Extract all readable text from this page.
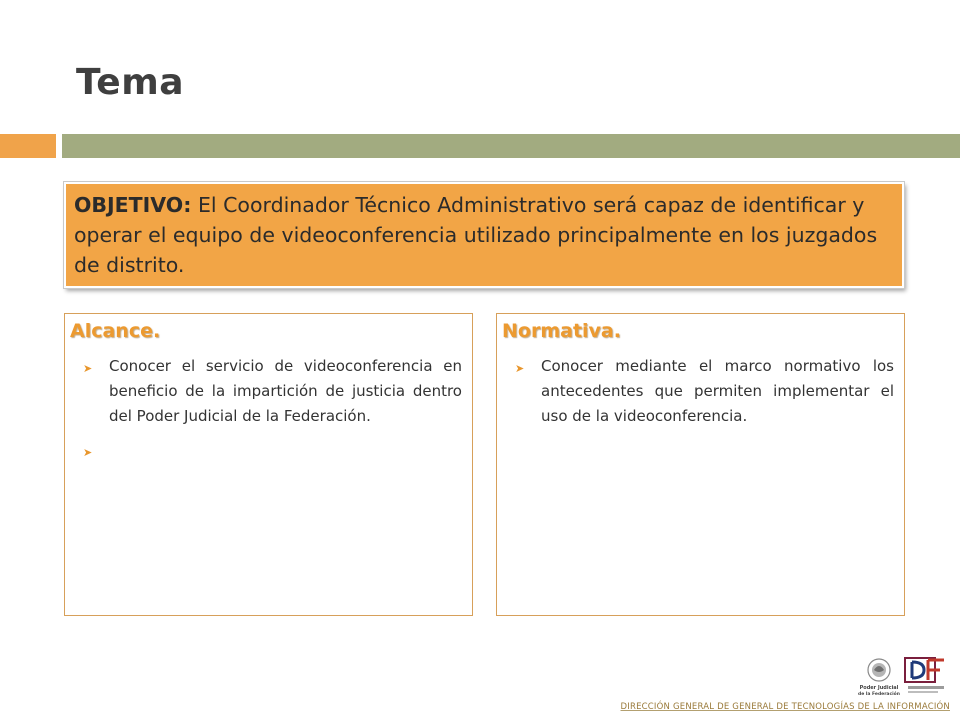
Tema
OBJETIVO: El Coordinador Técnico Administrativo será capaz de identificar y operar el equipo de videoconferencia utilizado principalmente en los juzgados de distrito.
Alcance.
➤ Conocer el servicio de videoconferencia en beneficio de la impartición de justicia dentro del Poder Judicial de la Federación.
➤
Normativa.
➤ Conocer mediante el marco normativo los antecedentes que permiten implementar el uso de la videoconferencia.
Poder Judicial
de la Federación
DIRECCIÓN GENERAL DE GENERAL DE TECNOLOGÍAS DE LA INFORMACIÓN
